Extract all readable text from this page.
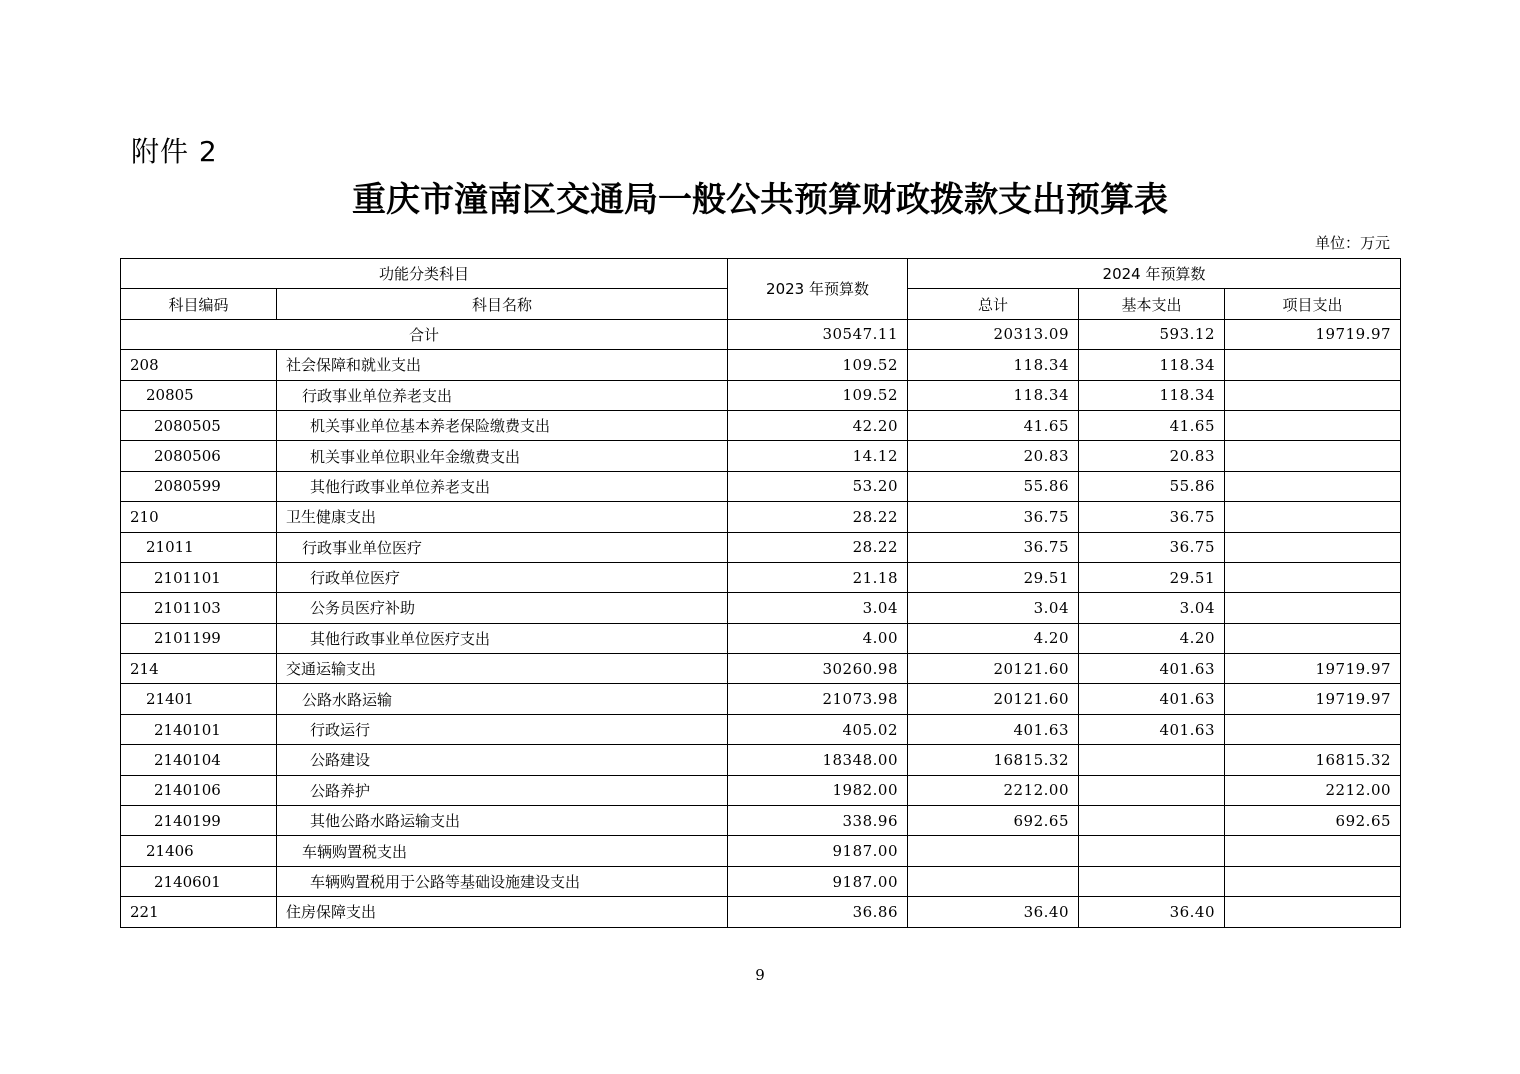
附件 2
重庆市潼南区交通局一般公共预算财政拨款支出预算表
单位：万元
功能分类科目		2023 年预算数	2024 年预算数		
科目编码	科目名称		总计	基本支出	项目支出
合计		30547.11	20313.09	593.12	19719.97
208	社会保障和就业支出	109.52	118.34	118.34	
20805	行政事业单位养老支出	109.52	118.34	118.34	
2080505	机关事业单位基本养老保险缴费支出	42.20	41.65	41.65	
2080506	机关事业单位职业年金缴费支出	14.12	20.83	20.83	
2080599	其他行政事业单位养老支出	53.20	55.86	55.86	
210	卫生健康支出	28.22	36.75	36.75	
21011	行政事业单位医疗	28.22	36.75	36.75	
2101101	行政单位医疗	21.18	29.51	29.51	
2101103	公务员医疗补助	3.04	3.04	3.04	
2101199	其他行政事业单位医疗支出	4.00	4.20	4.20	
214	交通运输支出	30260.98	20121.60	401.63	19719.97
21401	公路水路运输	21073.98	20121.60	401.63	19719.97
2140101	行政运行	405.02	401.63	401.63	
2140104	公路建设	18348.00	16815.32		16815.32
2140106	公路养护	1982.00	2212.00		2212.00
2140199	其他公路水路运输支出	338.96	692.65		692.65
21406	车辆购置税支出	9187.00			
2140601	车辆购置税用于公路等基础设施建设支出	9187.00			
221	住房保障支出	36.86	36.40	36.40	
9
